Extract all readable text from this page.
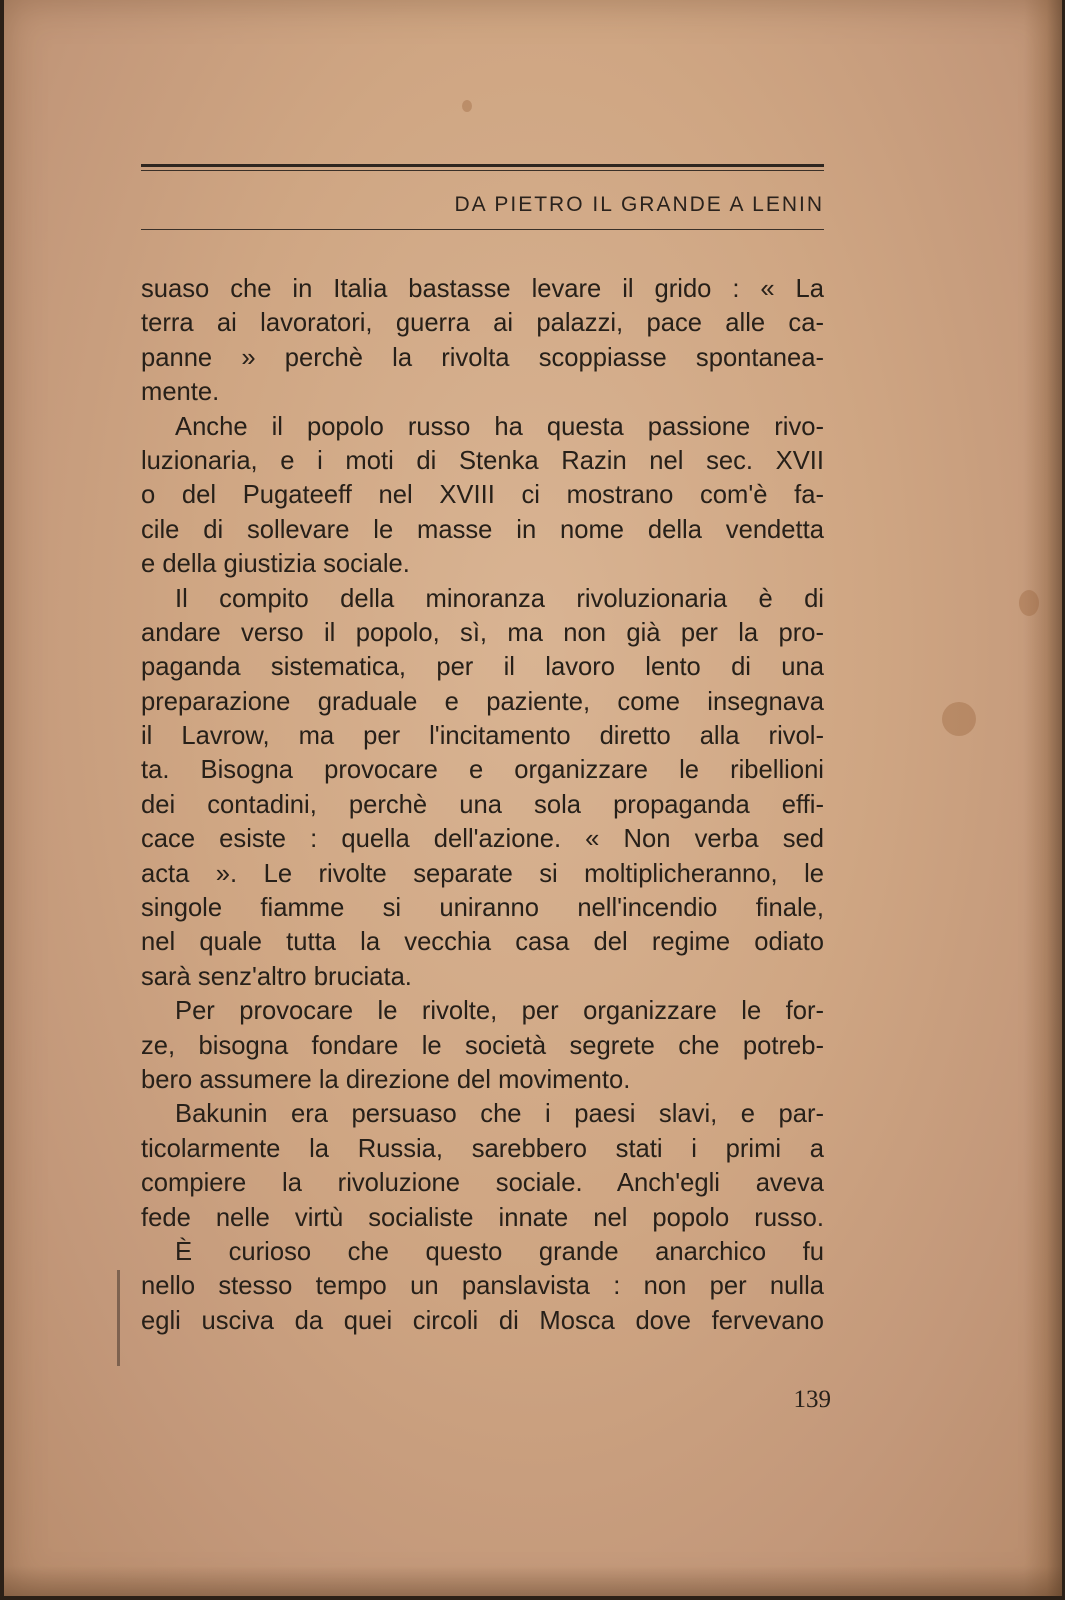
DA PIETRO IL GRANDE A LENIN
suaso che in Italia bastasse levare il grido : « La
terra ai lavoratori, guerra ai palazzi, pace alle ca-
panne » perchè la rivolta scoppiasse spontanea-
mente.
Anche il popolo russo ha questa passione rivo-
luzionaria, e i moti di Stenka Razin nel sec. XVII
o del Pugateeff nel XVIII ci mostrano com'è fa-
cile di sollevare le masse in nome della vendetta
e della giustizia sociale.
Il compito della minoranza rivoluzionaria è di
andare verso il popolo, sì, ma non già per la pro-
paganda sistematica, per il lavoro lento di una
preparazione graduale e paziente, come insegnava
il Lavrow, ma per l'incitamento diretto alla rivol-
ta. Bisogna provocare e organizzare le ribellioni
dei contadini, perchè una sola propaganda effi-
cace esiste : quella dell'azione. « Non verba sed
acta ». Le rivolte separate si moltiplicheranno, le
singole fiamme si uniranno nell'incendio finale,
nel quale tutta la vecchia casa del regime odiato
sarà senz'altro bruciata.
Per provocare le rivolte, per organizzare le for-
ze, bisogna fondare le società segrete che potreb-
bero assumere la direzione del movimento.
Bakunin era persuaso che i paesi slavi, e par-
ticolarmente la Russia, sarebbero stati i primi a
compiere la rivoluzione sociale. Anch'egli aveva
fede nelle virtù socialiste innate nel popolo russo.
È curioso che questo grande anarchico fu
nello stesso tempo un panslavista : non per nulla
egli usciva da quei circoli di Mosca dove fervevano
139
